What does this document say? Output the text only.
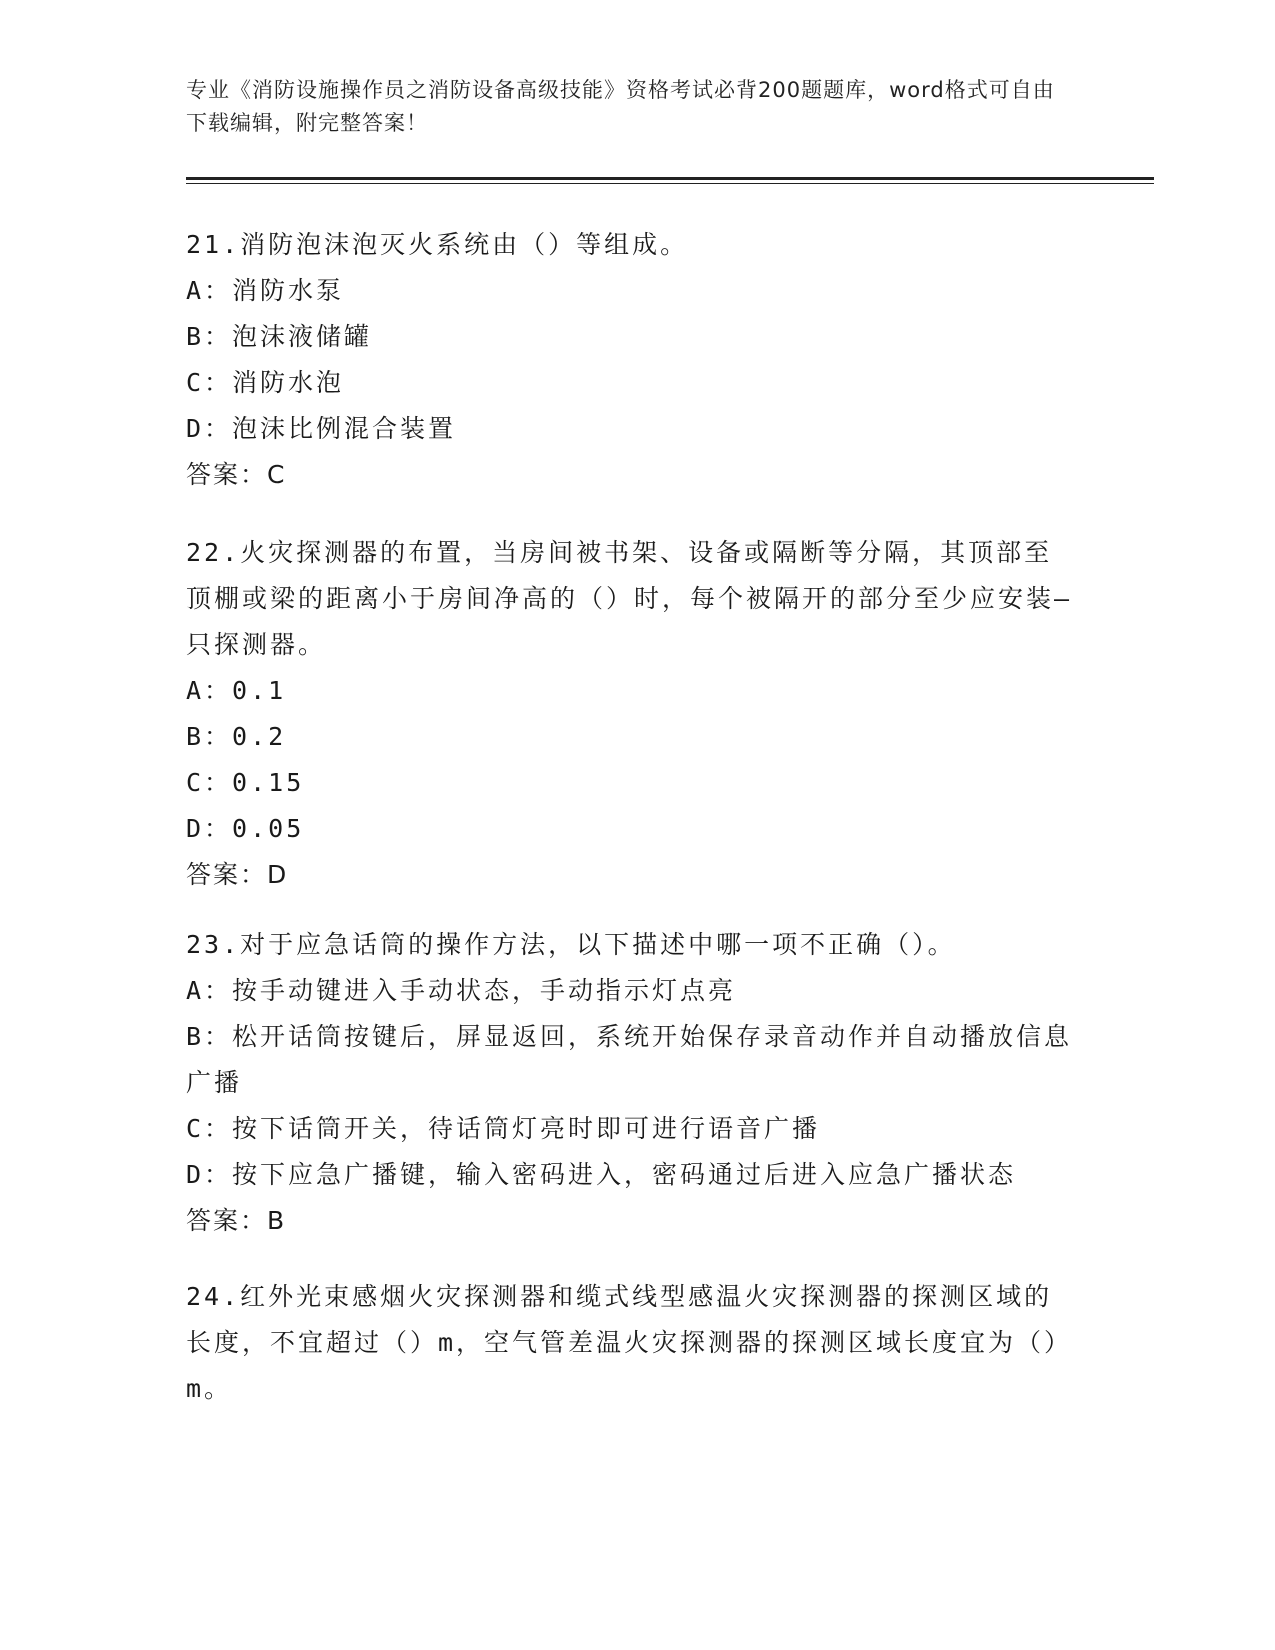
专业《消防设施操作员之消防设备高级技能》资格考试必背200题题库，word格式可自由下载编辑，附完整答案！

21.消防泡沫泡灭火系统由（）等组成。

A：消防水泵

B：泡沫液储罐

C：消防水泡

D：泡沫比例混合装置

答案：C

22.火灾探测器的布置，当房间被书架、设备或隔断等分隔，其顶部至顶棚或梁的距离小于房间净高的（）时，每个被隔开的部分至少应安装—只探测器。

A：0.1

B：0.2

C：0.15

D：0.05

答案：D

23.对于应急话筒的操作方法，以下描述中哪一项不正确（）。

A：按手动键进入手动状态，手动指示灯点亮

B：松开话筒按键后，屏显返回，系统开始保存录音动作并自动播放信息广播

C：按下话筒开关，待话筒灯亮时即可进行语音广播

D：按下应急广播键，输入密码进入，密码通过后进入应急广播状态

答案：B

24.红外光束感烟火灾探测器和缆式线型感温火灾探测器的探测区域的长度，不宜超过（）m，空气管差温火灾探测器的探测区域长度宜为（）m。
